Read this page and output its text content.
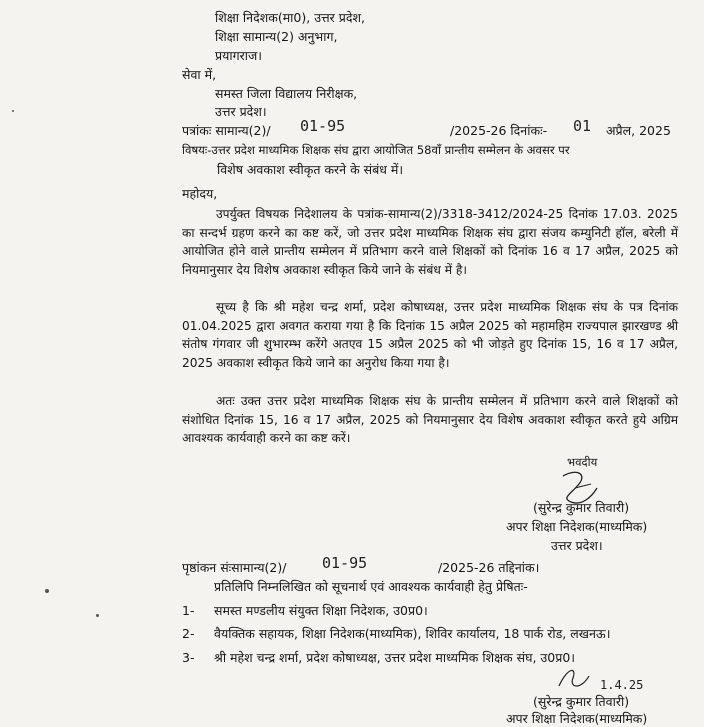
शिक्षा निदेशक(मा0), उत्तर प्रदेश,
शिक्षा सामान्य(2) अनुभाग,
प्रयागराज।
सेवा में,
समस्त जिला विद्यालय निरीक्षक,
उत्तर प्रदेश।
पत्रांकः सामान्य(2)/ 01-95	/2025-26 दिनांकः- 01 अप्रैल, 2025
विषयः-उत्तर प्रदेश माध्यमिक शिक्षक संघ द्वारा आयोजित 58वाँ प्रान्तीय सम्मेलन के अवसर पर
विशेष अवकाश स्वीकृत करने के संबंध में।
महोदय,
उपर्युक्त विषयक निदेशालय के पत्रांक-सामान्य(2)/3318-3412/2024-25 दिनांक 17.03. 2025 का सन्दर्भ ग्रहण करने का कष्ट करें, जो उत्तर प्रदेश माध्यमिक शिक्षक संघ द्वारा संजय कम्युनिटी हॉल, बरेली में आयोजित होने वाले प्रान्तीय सम्मेलन में प्रतिभाग करने वाले शिक्षकों को दिनांक 16 व 17 अप्रैल, 2025 को नियमानुसार देय विशेष अवकाश स्वीकृत किये जाने के संबंध में है।
सूच्य है कि श्री महेश चन्द्र शर्मा, प्रदेश कोषाध्यक्ष, उत्तर प्रदेश माध्यमिक शिक्षक संघ के पत्र दिनांक 01.04.2025 द्वारा अवगत कराया गया है कि दिनांक 15 अप्रैल 2025 को महामहिम राज्यपाल झारखण्ड श्री संतोष गंगवार जी शुभारम्भ करेंगे अतएव 15 अप्रैल 2025 को भी जोड़ते हुए दिनांक 15, 16 व 17 अप्रैल, 2025 अवकाश स्वीकृत किये जाने का अनुरोध किया गया है।
अतः उक्त उत्तर प्रदेश माध्यमिक शिक्षक संघ के प्रान्तीय सम्मेलन में प्रतिभाग करने वाले शिक्षकों को संशोधित दिनांक 15, 16 व 17 अप्रैल, 2025 को नियमानुसार देय विशेष अवकाश स्वीकृत करते हुये अग्रिम आवश्यक कार्यवाही करने का कष्ट करें।
भवदीय
(सुरेन्द्र कुमार तिवारी)
अपर शिक्षा निदेशक(माध्यमिक)
उत्तर प्रदेश।
पृष्ठांकन संःसामान्य(2)/ 01-95	/2025-26 तद्दिनांक।
प्रतिलिपि निम्नलिखित को सूचनार्थ एवं आवश्यक कार्यवाही हेतु प्रेषितः-
1- समस्त मण्डलीय संयुक्त शिक्षा निदेशक, उ0प्र0।
2- वैयक्तिक सहायक, शिक्षा निदेशक(माध्यमिक), शिविर कार्यालय, 18 पार्क रोड, लखनऊ।
3- श्री महेश चन्द्र शर्मा, प्रदेश कोषाध्यक्ष, उत्तर प्रदेश माध्यमिक शिक्षक संघ, उ0प्र0।
1.4.25
(सुरेन्द्र कुमार तिवारी)
अपर शिक्षा निदेशक(माध्यमिक)
